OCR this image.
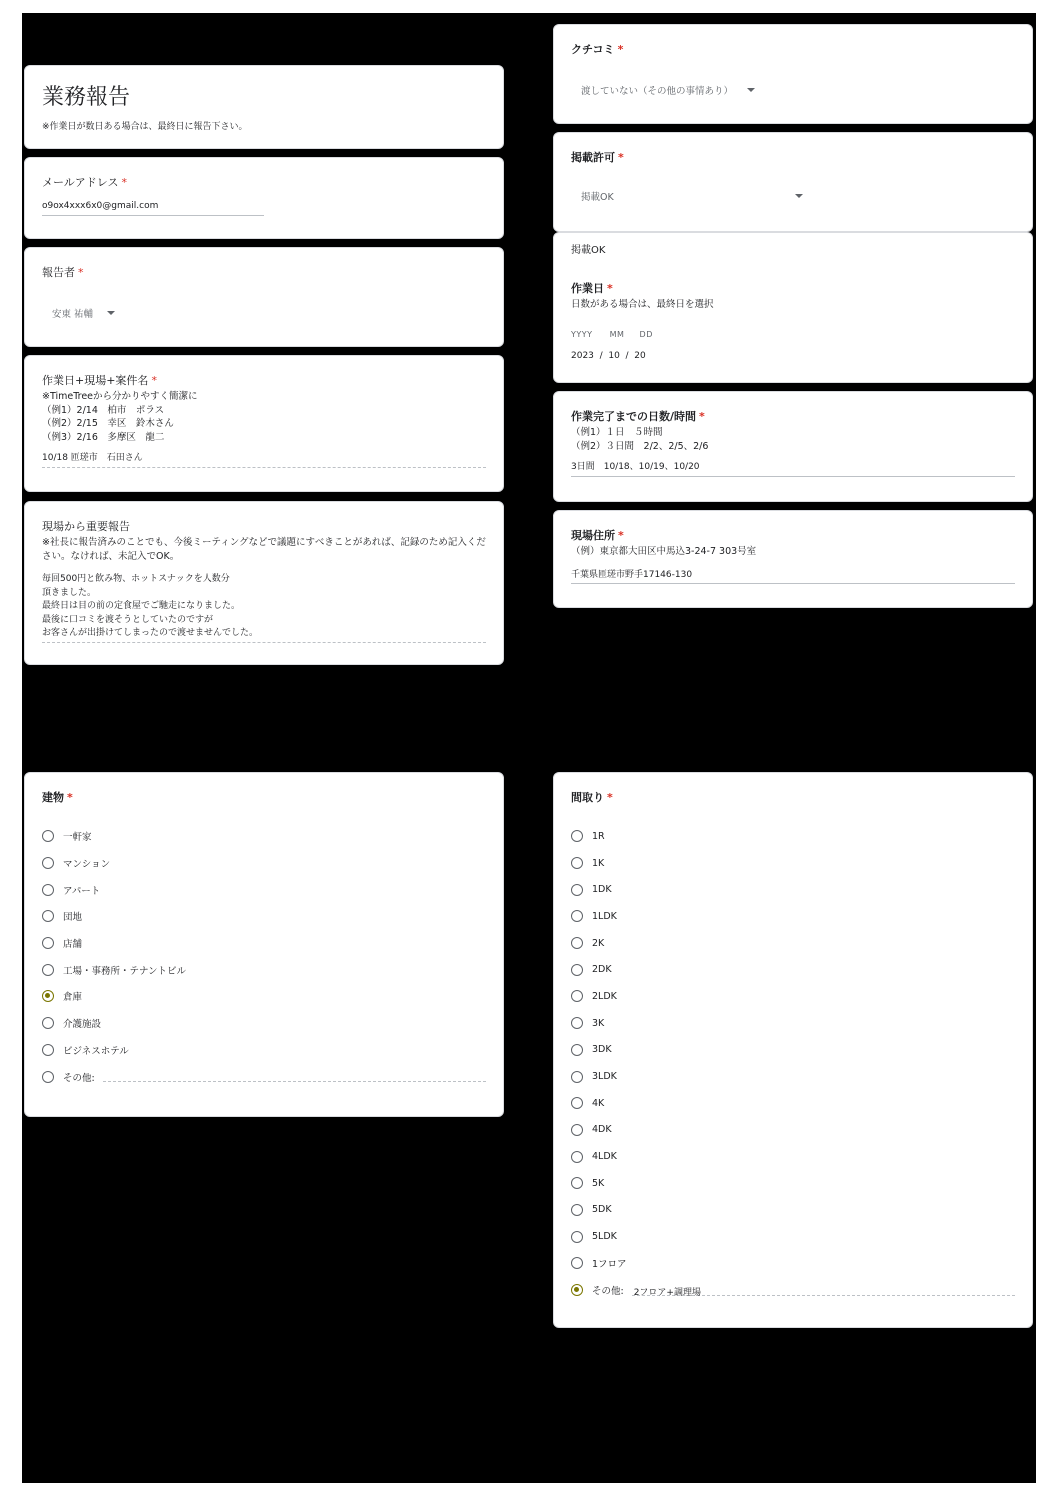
業務報告
※作業日が数日ある場合は、最終日に報告下さい。
メールアドレス *
o9ox4xxx6x0@gmail.com
報告者 *
安東 祐輔
作業日+現場+案件名 *
※TimeTreeから分かりやすく簡潔に
（例1）2/14　柏市　ポラス
（例2）2/15　幸区　鈴木さん
（例3）2/16　多摩区　龍二
10/18 匝瑳市　石田さん
現場から重要報告
※社長に報告済みのことでも、今後ミーティングなどで議題にすべきことがあれば、記録のため記入ください。なければ、未記入でOK。
毎回500円と飲み物、ホットスナックを人数分
頂きました。
最終日は目の前の定食屋でご馳走になりました。
最後に口コミを渡そうとしていたのですが
お客さんが出掛けてしまったので渡せませんでした。
クチコミ *
渡していない（その他の事情あり）
掲載許可 *
掲載OK
掲載OK
作業日 *
日数がある場合は、最終日を選択
YYYY MM DD
2023  /  10  /  20
作業完了までの日数/時間 *
（例1）１日　５時間
（例2）３日間　2/2、2/5、2/6
3日間　10/18、10/19、10/20
現場住所 *
（例）東京都大田区中馬込3-24-7 303号室
千葉県匝瑳市野手17146-130
建物 *
一軒家
マンション
アパート
団地
店舗
工場・事務所・テナントビル
倉庫
介護施設
ビジネスホテル
その他:
間取り *
1R
1K
1DK
1LDK
2K
2DK
2LDK
3K
3DK
3LDK
4K
4DK
4LDK
5K
5DK
5LDK
1フロア
その他: 2フロア+調理場
